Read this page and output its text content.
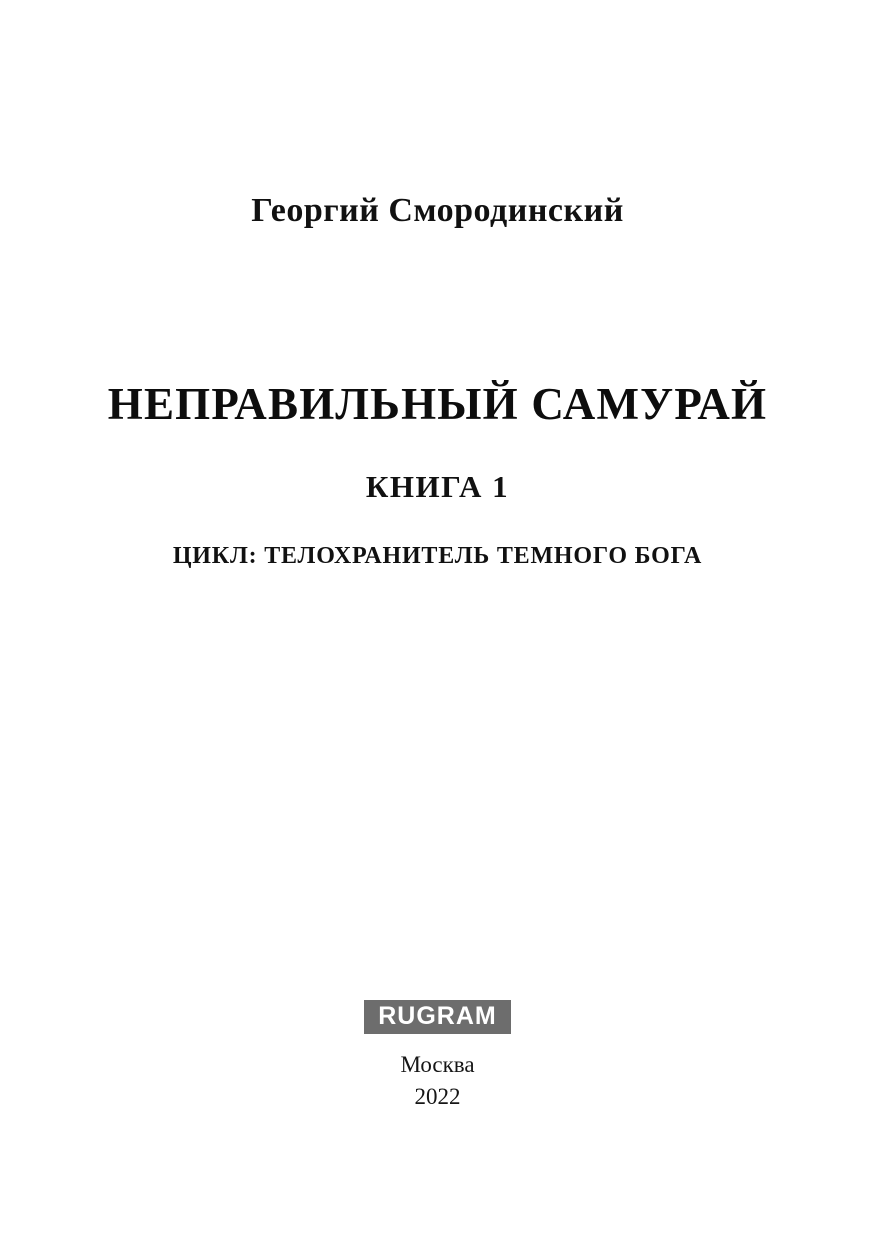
Георгий Смородинский
НЕПРАВИЛЬНЫЙ САМУРАЙ
КНИГА 1
ЦИКЛ: ТЕЛОХРАНИТЕЛЬ ТЕМНОГО БОГА
RUGRAM
Москва
2022
